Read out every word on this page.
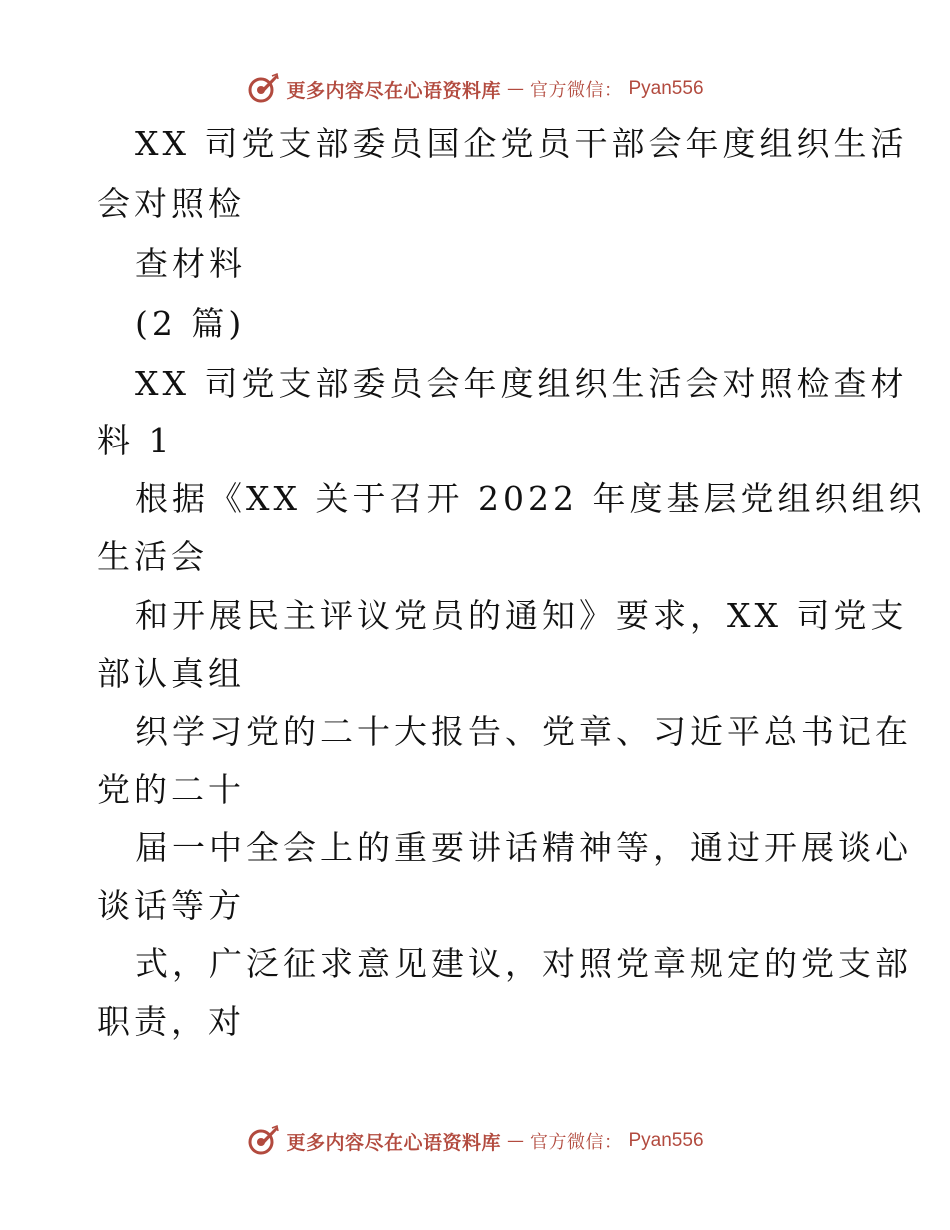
更多内容尽在心语资料库 — 官方微信： Pyan556
XX 司党支部委员国企党员干部会年度组织生活
会对照检
查材料
(2 篇)
XX 司党支部委员会年度组织生活会对照检查材
料 1
根据《XX 关于召开 2022 年度基层党组织组织
生活会
和开展民主评议党员的通知》要求，XX 司党支
部认真组
织学习党的二十大报告、党章、习近平总书记在
党的二十
届一中全会上的重要讲话精神等，通过开展谈心
谈话等方
式，广泛征求意见建议，对照党章规定的党支部
职责，对
更多内容尽在心语资料库 — 官方微信： Pyan556
